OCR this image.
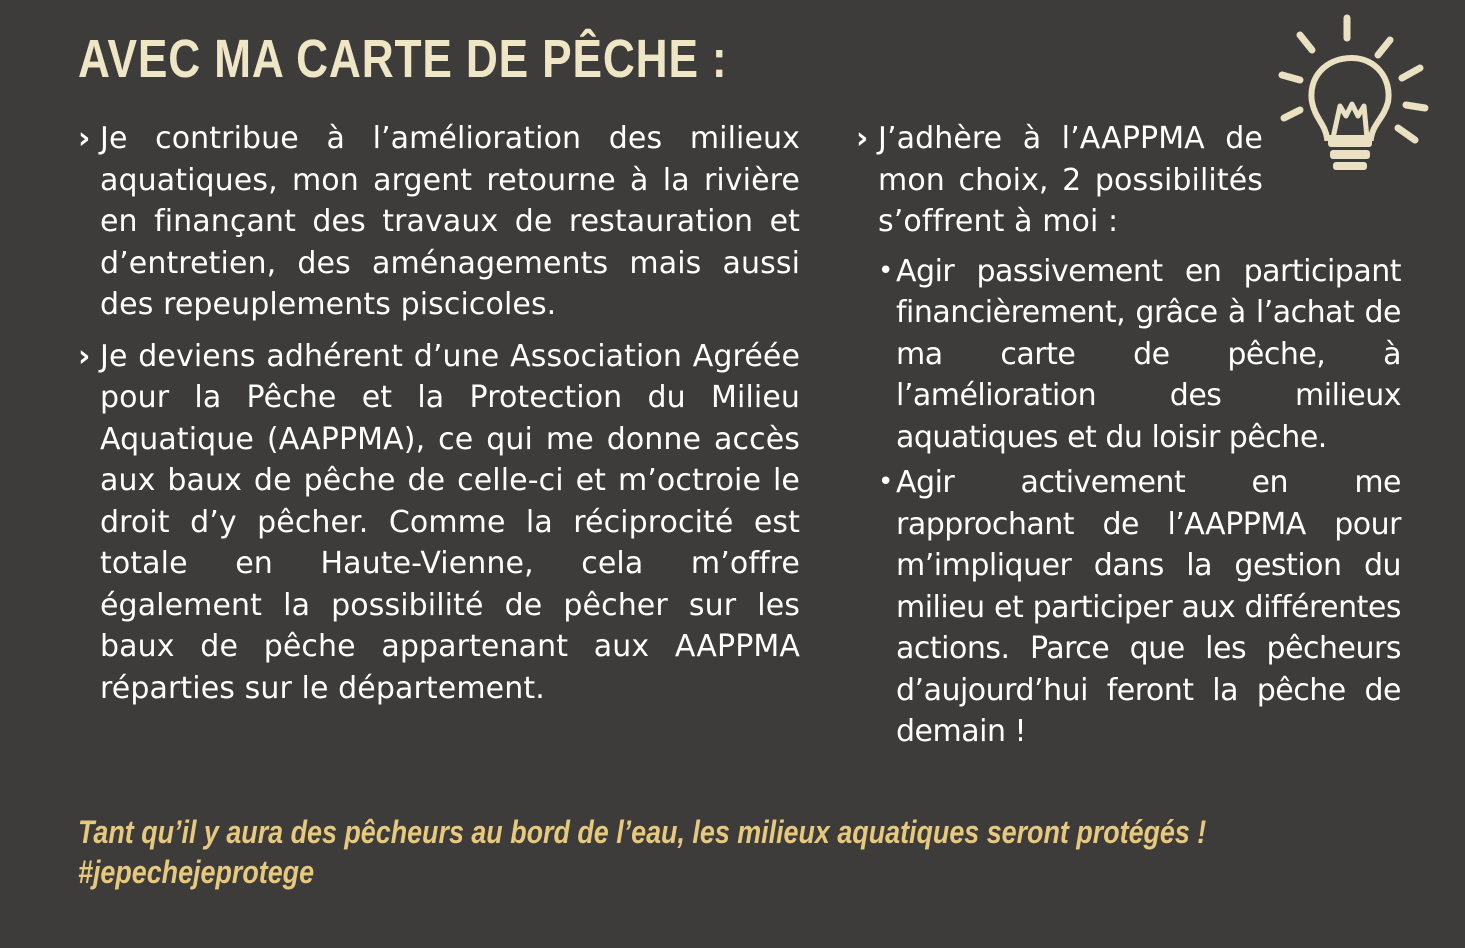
AVEC MA CARTE DE PÊCHE :
› Je contribue à l’amélioration des milieux aquatiques, mon argent retourne à la rivière en finançant des travaux de restauration et d’entretien, des aménagements mais aussi des repeuplements piscicoles.

› Je deviens adhérent d’une Association Agréée pour la Pêche et la Protection du Milieu Aquatique (AAPPMA), ce qui me donne accès aux baux de pêche de celle-ci et m’octroie le droit d’y pêcher. Comme la réciprocité est totale en Haute-Vienne, cela m’offre également la possibilité de pêcher sur les baux de pêche appartenant aux AAPPMA réparties sur le département.

› J’adhère à l’AAPPMA de mon choix, 2 possibilités s’offrent à moi :

• Agir passivement en participant financièrement, grâce à l’achat de ma carte de pêche, à l’amélioration des milieux aquatiques et du loisir pêche.

• Agir activement en me rapprochant de l’AAPPMA pour m’impliquer dans la gestion du milieu et participer aux différentes actions. Parce que les pêcheurs d’aujourd’hui feront la pêche de demain !

Tant qu’il y aura des pêcheurs au bord de l’eau, les milieux aquatiques seront protégés !
#jepechejeprotege
